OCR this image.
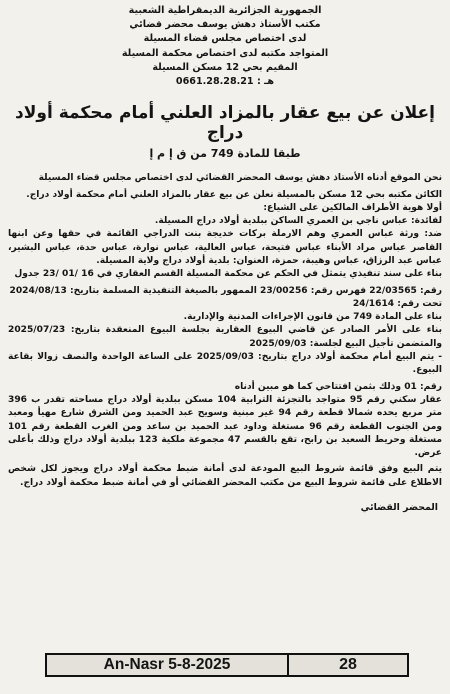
الجمهورية الجزائرية الديمقراطية الشعبية
مكتب الأستاذ دهش يوسف محضر قضائي
لدى اختصاص مجلس قضاء المسيلة
المتواجد مكتبه لدى اختصاص محكمة المسيلة
المقيم بحي 12 مسكن المسيلة
هـ : 0661.28.28.21
إعلان عن بيع عقار بالمزاد العلني أمام محكمة أولاد دراج
طبقا للمادة 749 من ق إ م إ

نحن الموقع أدناه الأستاذ دهش يوسف المحضر القضائي لدى اختصاص مجلس قضاء المسيلة

الكائن مكتبه بحي 12 مسكن بالمسيلة نعلن عن بيع عقار بالمزاد العلني أمام محكمة أولاد دراج.

أولا هوية الأطراف المالكين على الشياع:

لفائدة: عباس ناجي بن العمري الساكن ببلدية أولاد دراج المسيلة.

ضد: ورثة عباس العمري وهم الارملة بركات خديجة بنت الدراجي القائمة في حقها وعن ابنها القاصر عباس مراد الأبناء عباس فتيحة، عباس العالية، عباس نوارة، عباس حدة، عباس البشير، عباس عبد الرزاق، عباس وهيبة، حمزة، العنوان: بلدية أولاد دراج ولاية المسيلة.

بناء على سند تنفيذي يتمثل في الحكم عن محكمة المسيلة القسم العقاري في 16 /01 /23 جدول

رقم: 22/03565 فهرس رقم: 23/00256 الممهور بالصيغة التنفيذية المسلمة بتاريخ: 2024/08/13

تحت رقم: 24/1614

بناء على المادة 749 من قانون الإجراءات المدنية والإدارية.

بناء على الأمر الصادر عن قاضي البيوع العقارية بجلسة البيوع المنعقدة بتاريخ: 2025/07/23 والمتضمن تأجيل البيع لجلسة: 2025/09/03

- يتم البيع أمام محكمة أولاد دراج بتاريخ: 2025/09/03 على الساعة الواحدة والنصف زوالا بقاعة البيوع.

رقم: 01 وذلك بثمن افتتاحي كما هو مبين أدناه

عقار سكني رقم 95 متواجد بالتجزئة الترابية 104 مسكن ببلدية أولاد دراج مساحته تقدر ب 396 متر مربع يحده شمالا قطعة رقم 94 غير مبنية وسويح عبد الحميد ومن الشرق شارع مهيأ ومعبد ومن الجنوب القطعة رقم 96 مستغلة وداود عبد الحميد بن ساعد ومن الغرب القطعة رقم 101 مستغلة وحريط السعيد بن رابح، تقع بالقسم 47 مجموعة ملكية 123 ببلدية أولاد دراج وذلك بأعلى عرض.

يتم البيع وفق قائمة شروط البيع المودعة لدى أمانة ضبط محكمة أولاد دراج ويجوز لكل شخص الاطلاع على قائمة شروط البيع من مكتب المحضر القضائي أو في أمانة ضبط محكمة أولاد دراج.

المحضر القضائي
An-Nasr 5-8-2025	28
